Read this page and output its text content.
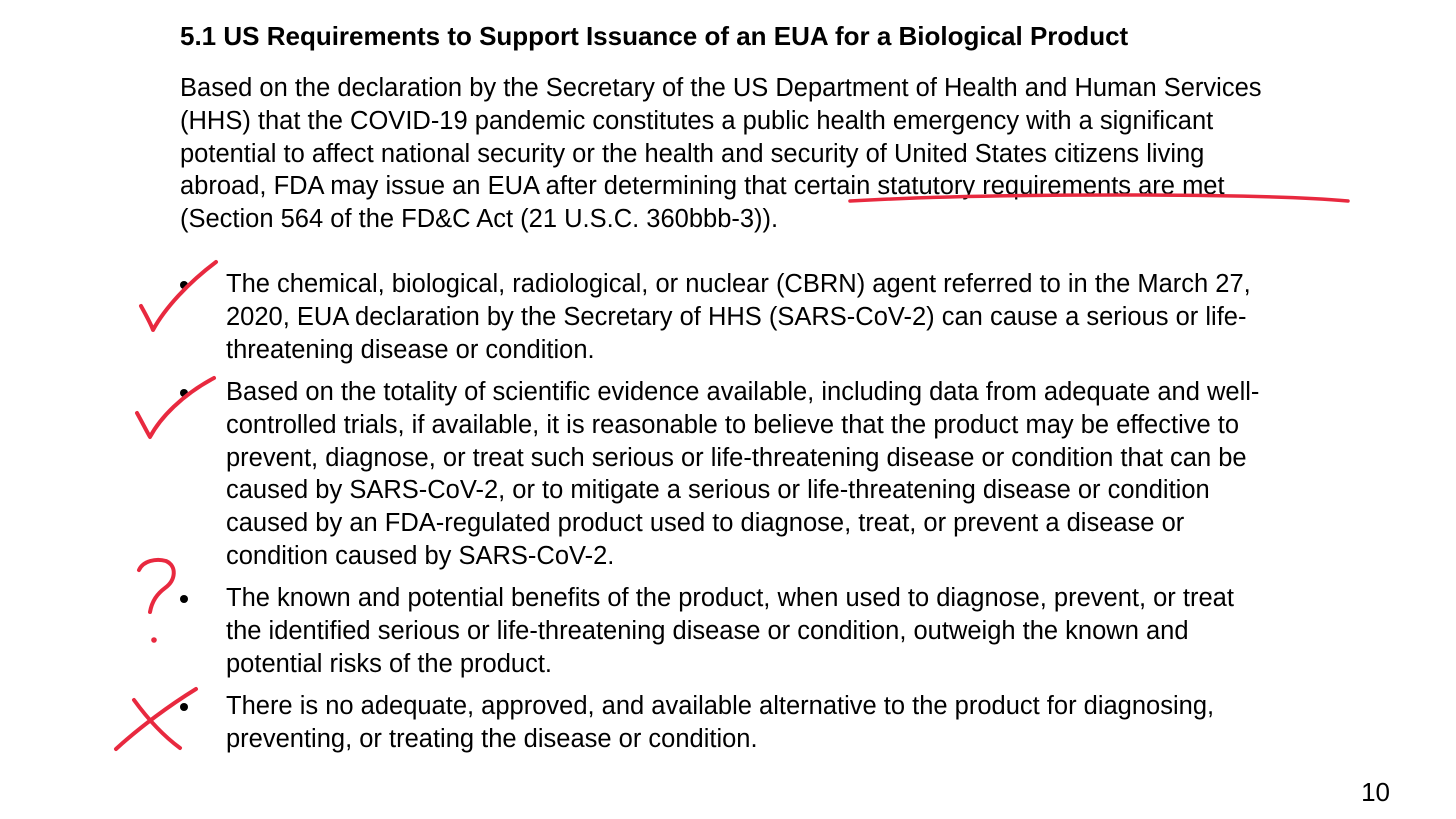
5.1 US Requirements to Support Issuance of an EUA for a Biological Product
Based on the declaration by the Secretary of the US Department of Health and Human Services
(HHS) that the COVID-19 pandemic constitutes a public health emergency with a significant
potential to affect national security or the health and security of United States citizens living
abroad, FDA may issue an EUA after determining that certain statutory requirements are met
(Section 564 of the FD&C Act (21 U.S.C. 360bbb-3)).
The chemical, biological, radiological, or nuclear (CBRN) agent referred to in the March 27,
2020, EUA declaration by the Secretary of HHS (SARS-CoV-2) can cause a serious or life-
threatening disease or condition.
Based on the totality of scientific evidence available, including data from adequate and well-
controlled trials, if available, it is reasonable to believe that the product may be effective to
prevent, diagnose, or treat such serious or life-threatening disease or condition that can be
caused by SARS-CoV-2, or to mitigate a serious or life-threatening disease or condition
caused by an FDA-regulated product used to diagnose, treat, or prevent a disease or
condition caused by SARS-CoV-2.
The known and potential benefits of the product, when used to diagnose, prevent, or treat
the identified serious or life-threatening disease or condition, outweigh the known and
potential risks of the product.
There is no adequate, approved, and available alternative to the product for diagnosing,
preventing, or treating the disease or condition.
10
